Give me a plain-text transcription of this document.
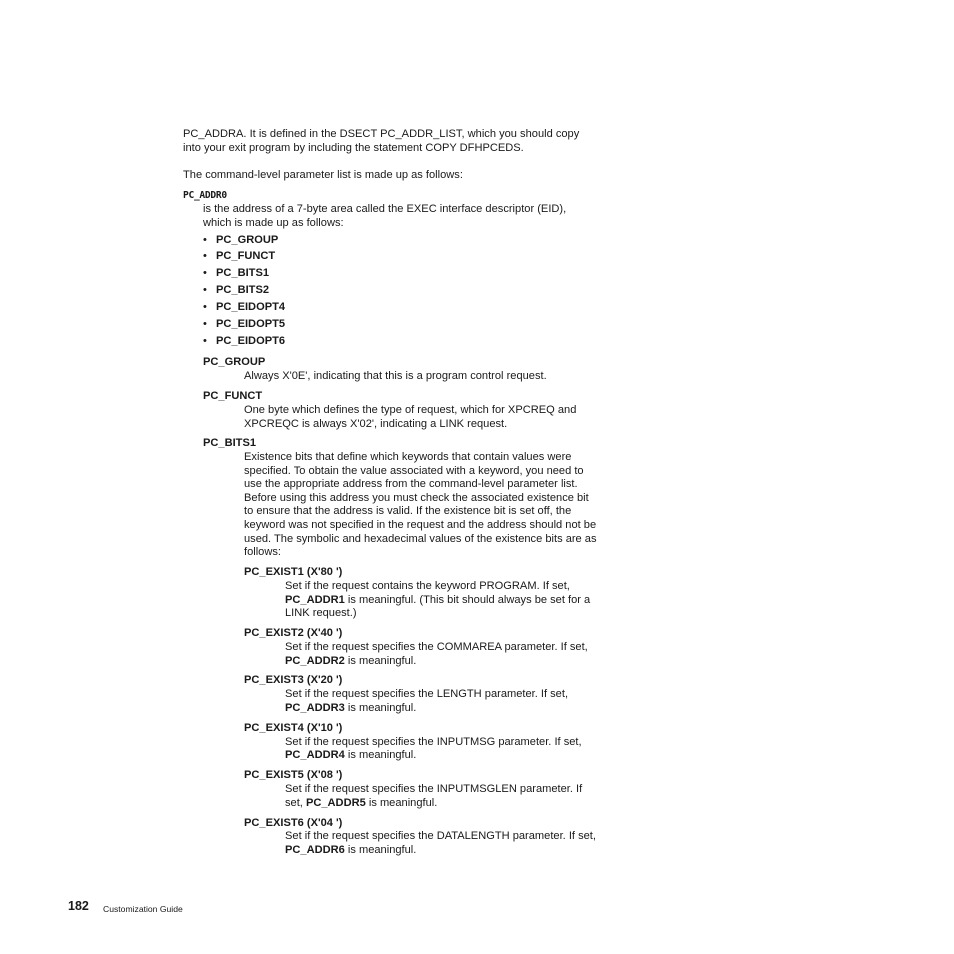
PC_ADDRA. It is defined in the DSECT PC_ADDR_LIST, which you should copy
into your exit program by including the statement COPY DFHPCEDS.
The command-level parameter list is made up as follows:
PC_ADDR0
is the address of a 7-byte area called the EXEC interface descriptor (EID),
which is made up as follows:
• PC_GROUP
• PC_FUNCT
• PC_BITS1
• PC_BITS2
• PC_EIDOPT4
• PC_EIDOPT5
• PC_EIDOPT6
PC_GROUP
Always X'0E', indicating that this is a program control request.
PC_FUNCT
One byte which defines the type of request, which for XPCREQ and
XPCREQC is always X'02', indicating a LINK request.
PC_BITS1
Existence bits that define which keywords that contain values were
specified. To obtain the value associated with a keyword, you need to
use the appropriate address from the command-level parameter list.
Before using this address you must check the associated existence bit
to ensure that the address is valid. If the existence bit is set off, the
keyword was not specified in the request and the address should not be
used. The symbolic and hexadecimal values of the existence bits are as
follows:
PC_EXIST1 (X'80 ')
Set if the request contains the keyword PROGRAM. If set,
PC_ADDR1 is meaningful. (This bit should always be set for a
LINK request.)
PC_EXIST2 (X'40 ')
Set if the request specifies the COMMAREA parameter. If set,
PC_ADDR2 is meaningful.
PC_EXIST3 (X'20 ')
Set if the request specifies the LENGTH parameter. If set,
PC_ADDR3 is meaningful.
PC_EXIST4 (X'10 ')
Set if the request specifies the INPUTMSG parameter. If set,
PC_ADDR4 is meaningful.
PC_EXIST5 (X'08 ')
Set if the request specifies the INPUTMSGLEN parameter. If
set, PC_ADDR5 is meaningful.
PC_EXIST6 (X'04 ')
Set if the request specifies the DATALENGTH parameter. If set,
PC_ADDR6 is meaningful.
182 Customization Guide
